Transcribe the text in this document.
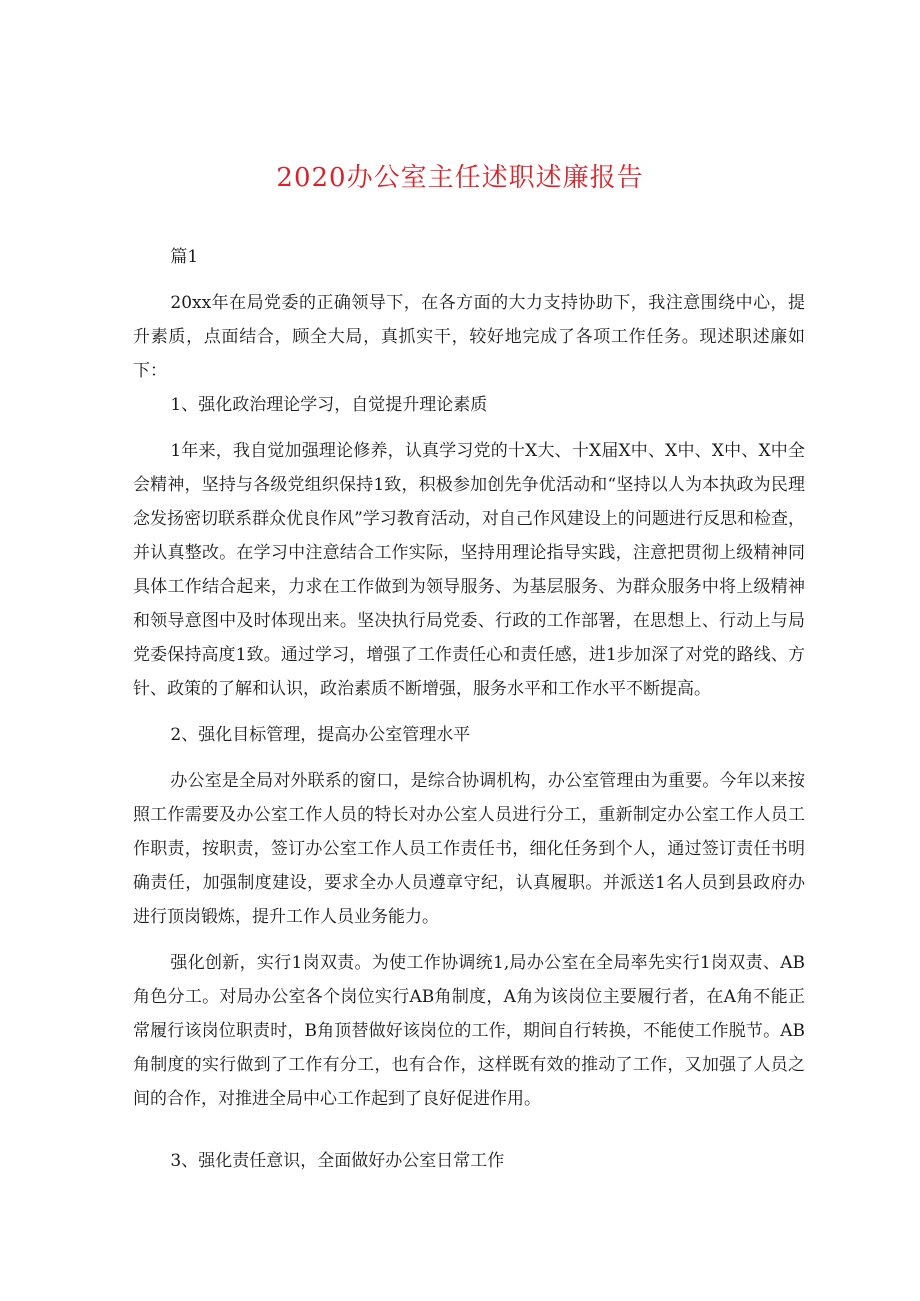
2020办公室主任述职述廉报告

篇1

20xx年在局党委的正确领导下，在各方面的大力支持协助下，我注意围绕中心，提升素质，点面结合，顾全大局，真抓实干，较好地完成了各项工作任务。现述职述廉如下：

1、强化政治理论学习，自觉提升理论素质

1年来，我自觉加强理论修养，认真学习党的十X大、十X届X中、X中、X中、X中全会精神，坚持与各级党组织保持1致，积极参加创先争优活动和“坚持以人为本执政为民理念发扬密切联系群众优良作风”学习教育活动，对自己作风建设上的问题进行反思和检查，并认真整改。在学习中注意结合工作实际，坚持用理论指导实践，注意把贯彻上级精神同具体工作结合起来，力求在工作做到为领导服务、为基层服务、为群众服务中将上级精神和领导意图中及时体现出来。坚决执行局党委、行政的工作部署，在思想上、行动上与局党委保持高度1致。通过学习，增强了工作责任心和责任感，进1步加深了对党的路线、方针、政策的了解和认识，政治素质不断增强，服务水平和工作水平不断提高。

2、强化目标管理，提高办公室管理水平

办公室是全局对外联系的窗口，是综合协调机构，办公室管理由为重要。今年以来按照工作需要及办公室工作人员的特长对办公室人员进行分工，重新制定办公室工作人员工作职责，按职责，签订办公室工作人员工作责任书，细化任务到个人，通过签订责任书明确责任，加强制度建设，要求全办人员遵章守纪，认真履职。并派送1名人员到县政府办进行顶岗锻炼，提升工作人员业务能力。

强化创新，实行1岗双责。为使工作协调统1,局办公室在全局率先实行1岗双责、AB角色分工。对局办公室各个岗位实行AB角制度，A角为该岗位主要履行者，在A角不能正常履行该岗位职责时，B角顶替做好该岗位的工作，期间自行转换，不能使工作脱节。AB角制度的实行做到了工作有分工，也有合作，这样既有效的推动了工作，又加强了人员之间的合作，对推进全局中心工作起到了良好促进作用。

3、强化责任意识，全面做好办公室日常工作
